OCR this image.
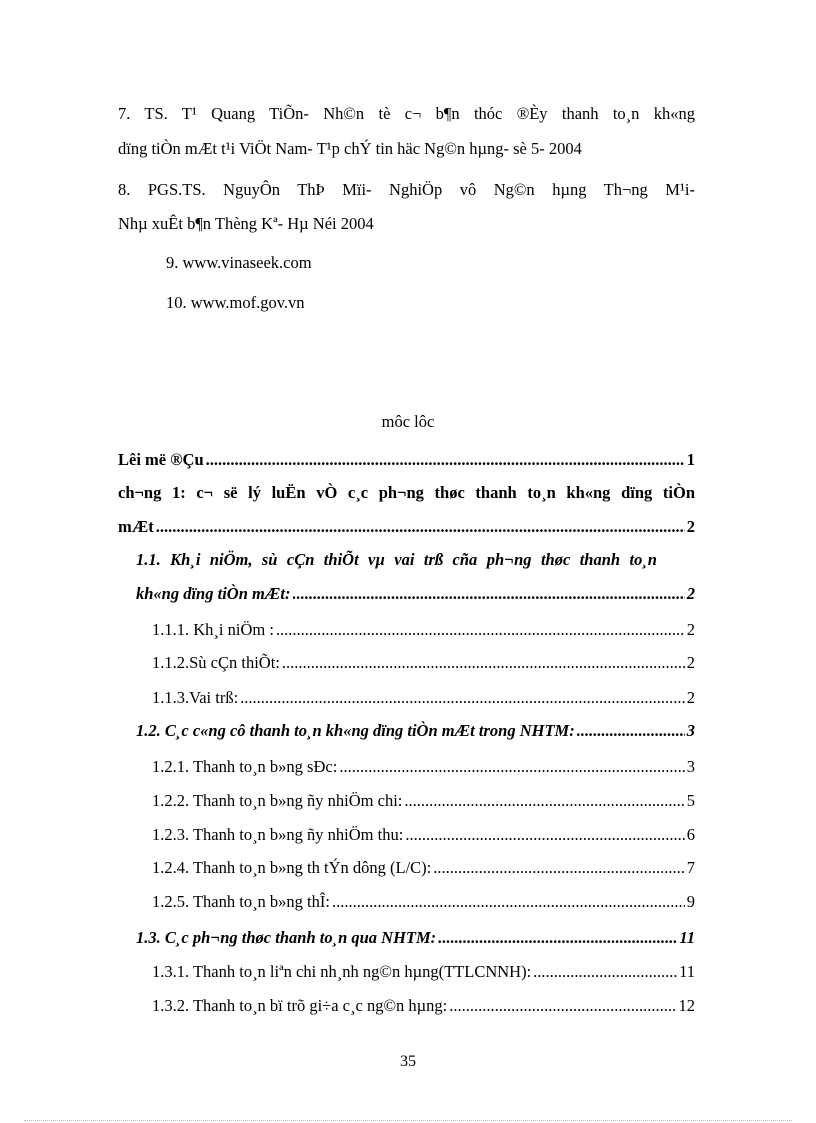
7. TS. T¹ Quang TiÕn- Nh©n tè c¬ b¶n thóc ®Èy thanh to¸n kh«ng
dïng tiÒn mÆt t¹i ViÖt Nam- T¹p chÝ tin häc Ng©n hµng- sè 5- 2004
8. PGS.TS. NguyÔn ThÞ Mïi- NghiÖp vô Ng©n hµng Th¬ng M¹i-
Nhµ xuÊt b¶n Thèng Kª- Hµ Néi 2004
9. www.vinaseek.com
10. www.mof.gov.vn
môc lôc
Lêi më ®Çu .....	1
ch¬ng 1: c¬ së lý luËn vÒ c¸c ph¬ng thøc thanh to¸n kh«ng dïng tiÒn
mÆt .....	2
1.1. Kh¸i niÖm, sù cÇn thiÕt vµ vai trß cña ph¬ng thøc thanh to¸n
kh«ng dïng tiÒn mÆt: .....	2
1.1.1. Kh¸i niÖm : .....	2
1.1.2.Sù cÇn thiÕt: .....	2
1.1.3.Vai trß: .....	2
1.2. C¸c c«ng cô thanh to¸n kh«ng dïng tiÒn mÆt trong NHTM: .....	3
1.2.1. Thanh to¸n b»ng sÐc: .....	3
1.2.2. Thanh to¸n b»ng ñy nhiÖm chi: .....	5
1.2.3. Thanh to¸n b»ng ñy nhiÖm thu: .....	6
1.2.4. Thanh to¸n b»ng th tÝn dông (L/C): .....	7
1.2.5. Thanh to¸n b»ng thÎ: .....	9
1.3. C¸c ph¬ng thøc thanh to¸n qua NHTM: .....	11
1.3.1. Thanh to¸n liªn chi nh¸nh ng©n hµng(TTLCNNH): .....	11
1.3.2. Thanh to¸n bï trõ gi÷a c¸c ng©n hµng: .....	12
35
